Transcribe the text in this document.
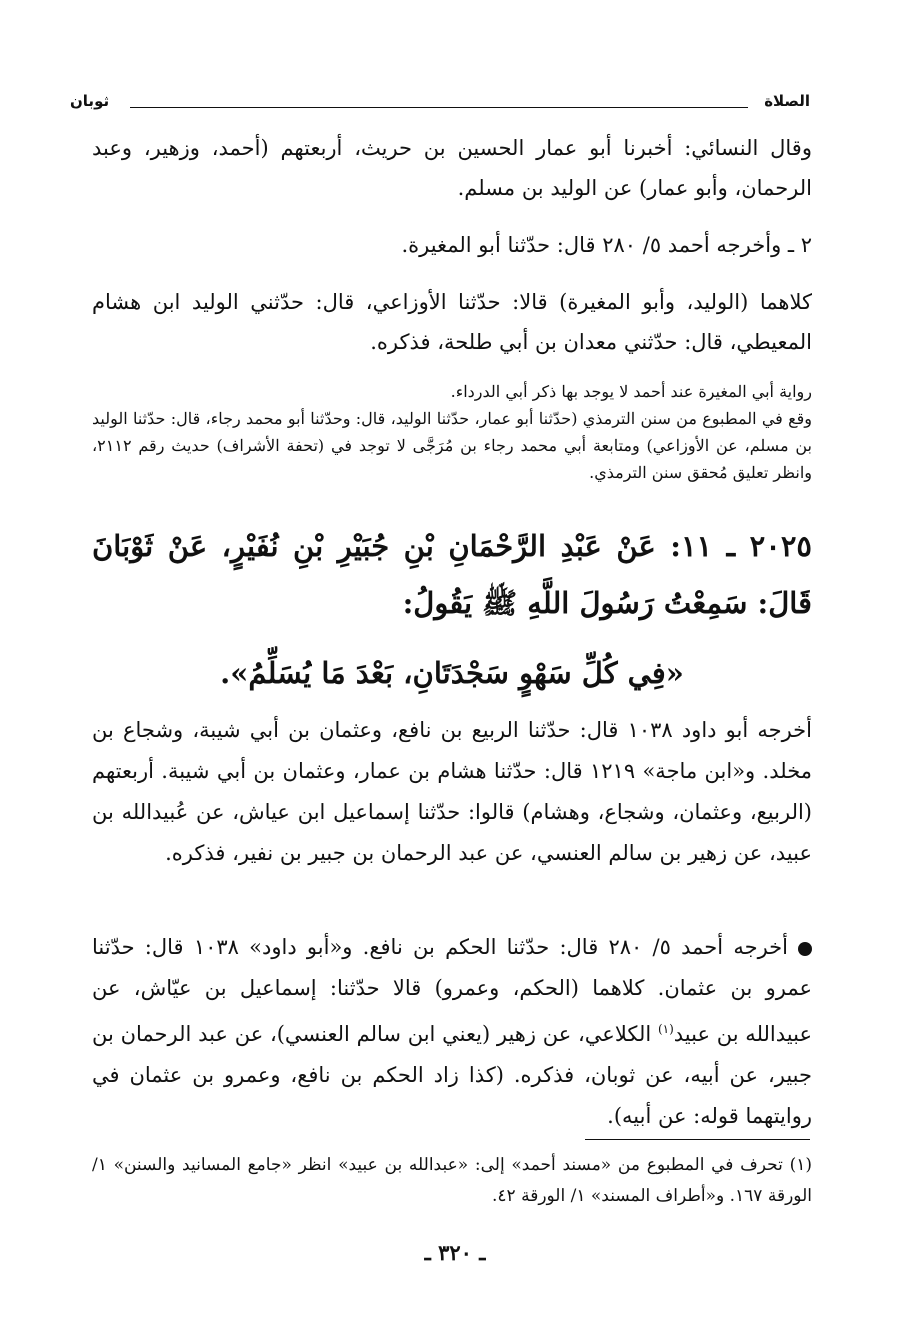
الصلاة
ثوبان

وقال النسائي: أخبرنا أبو عمار الحسين بن حريث، أربعتهم (أحمد، وزهير، وعبد الرحمان، وأبو عمار) عن الوليد بن مسلم.

٢ ـ وأخرجه أحمد ٥/ ٢٨٠ قال: حدّثنا أبو المغيرة.

كلاهما (الوليد، وأبو المغيرة) قالا: حدّثنا الأوزاعي، قال: حدّثني الوليد ابن هشام المعيطي، قال: حدّثني معدان بن أبي طلحة، فذكره.

رواية أبي المغيرة عند أحمد لا يوجد بها ذكر أبي الدرداء.

وقع في المطبوع من سنن الترمذي (حدّثنا أبو عمار، حدّثنا الوليد، قال: وحدّثنا أبو محمد رجاء، قال: حدّثنا الوليد بن مسلم، عن الأوزاعي) ومتابعة أبي محمد رجاء بن مُرَجَّى لا توجد في (تحفة الأشراف) حديث رقم ٢١١٢، وانظر تعليق مُحقق سنن الترمذي.

٢٠٢٥ ـ ١١: عَنْ عَبْدِ الرَّحْمَانِ بْنِ جُبَيْرِ بْنِ نُفَيْرٍ، عَنْ ثَوْبَانَ قَالَ: سَمِعْتُ رَسُولَ اللَّهِ ﷺ يَقُولُ:

«فِي كُلِّ سَهْوٍ سَجْدَتَانِ، بَعْدَ مَا يُسَلِّمُ».

أخرجه أبو داود ١٠٣٨ قال: حدّثنا الربيع بن نافع، وعثمان بن أبي شيبة، وشجاع بن مخلد. و«ابن ماجة» ١٢١٩ قال: حدّثنا هشام بن عمار، وعثمان بن أبي شيبة. أربعتهم (الربيع، وعثمان، وشجاع، وهشام) قالوا: حدّثنا إسماعيل ابن عياش، عن عُبيدالله بن عبيد، عن زهير بن سالم العنسي، عن عبد الرحمان بن جبير بن نفير، فذكره.

أخرجه أحمد ٥/ ٢٨٠ قال: حدّثنا الحكم بن نافع. و«أبو داود» ١٠٣٨ قال: حدّثنا عمرو بن عثمان. كلاهما (الحكم، وعمرو) قالا حدّثنا: إسماعيل بن عيّاش، عن عبيدالله بن عبيد$^{(١)}$ الكلاعي، عن زهير (يعني ابن سالم العنسي)، عن عبد الرحمان بن جبير، عن أبيه، عن ثوبان، فذكره. (كذا زاد الحكم بن نافع، وعمرو بن عثمان في روايتهما قوله: عن أبيه).

(١) تحرف في المطبوع من «مسند أحمد» إلى: «عبدالله بن عبيد» انظر «جامع المسانيد والسنن» ١/ الورقة ١٦٧. و«أطراف المسند» ١/ الورقة ٤٢.

ـ ٣٢٠ ـ
